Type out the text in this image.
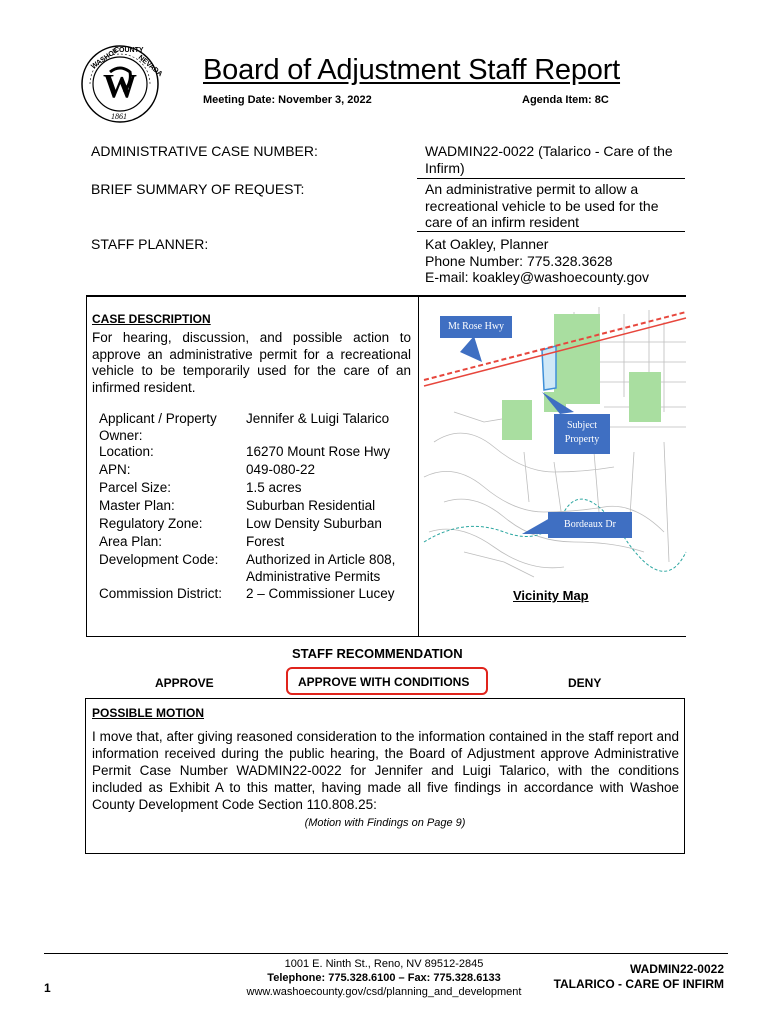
WASHOE
COUNTY
NEVADA
1861
W Board of Adjustment Staff Report
Meeting Date: November 3, 2022	Agenda Item: 8C
ADMINISTRATIVE CASE NUMBER:	WADMIN22-0022 (Talarico - Care of the Infirm)
BRIEF SUMMARY OF REQUEST:	An administrative permit to allow a recreational vehicle to be used for the care of an infirm resident
STAFF PLANNER:	Kat Oakley, Planner
Phone Number: 775.328.3628
E-mail: koakley@washoecounty.gov
CASE DESCRIPTION
For hearing, discussion, and possible action to approve an administrative permit for a recreational vehicle to be temporarily used for the care of an infirmed resident.
Applicant / Property Owner:
Jennifer & Luigi Talarico
Location:	16270 Mount Rose Hwy
APN:	049-080-22
Parcel Size:	1.5 acres
Master Plan:	Suburban Residential
Regulatory Zone:	Low Density Suburban
Area Plan:	Forest
Development Code:	Authorized in Article 808, Administrative Permits
Commission District:	2 – Commissioner Lucey
Mt Rose Hwy
Subject Property
Bordeaux Dr
Vicinity Map
STAFF RECOMMENDATION
APPROVE	APPROVE WITH CONDITIONS	DENY
POSSIBLE MOTION
I move that, after giving reasoned consideration to the information contained in the staff report and information received during the public hearing, the Board of Adjustment approve Administrative Permit Case Number WADMIN22-0022 for Jennifer and Luigi Talarico, with the conditions included as Exhibit A to this matter, having made all five findings in accordance with Washoe County Development Code Section 110.808.25:
(Motion with Findings on Page 9)
1
1001 E. Ninth St., Reno, NV 89512-2845
Telephone: 775.328.6100 – Fax: 775.328.6133
www.washoecounty.gov/csd/planning_and_development
WADMIN22-0022
TALARICO - CARE OF INFIRM
